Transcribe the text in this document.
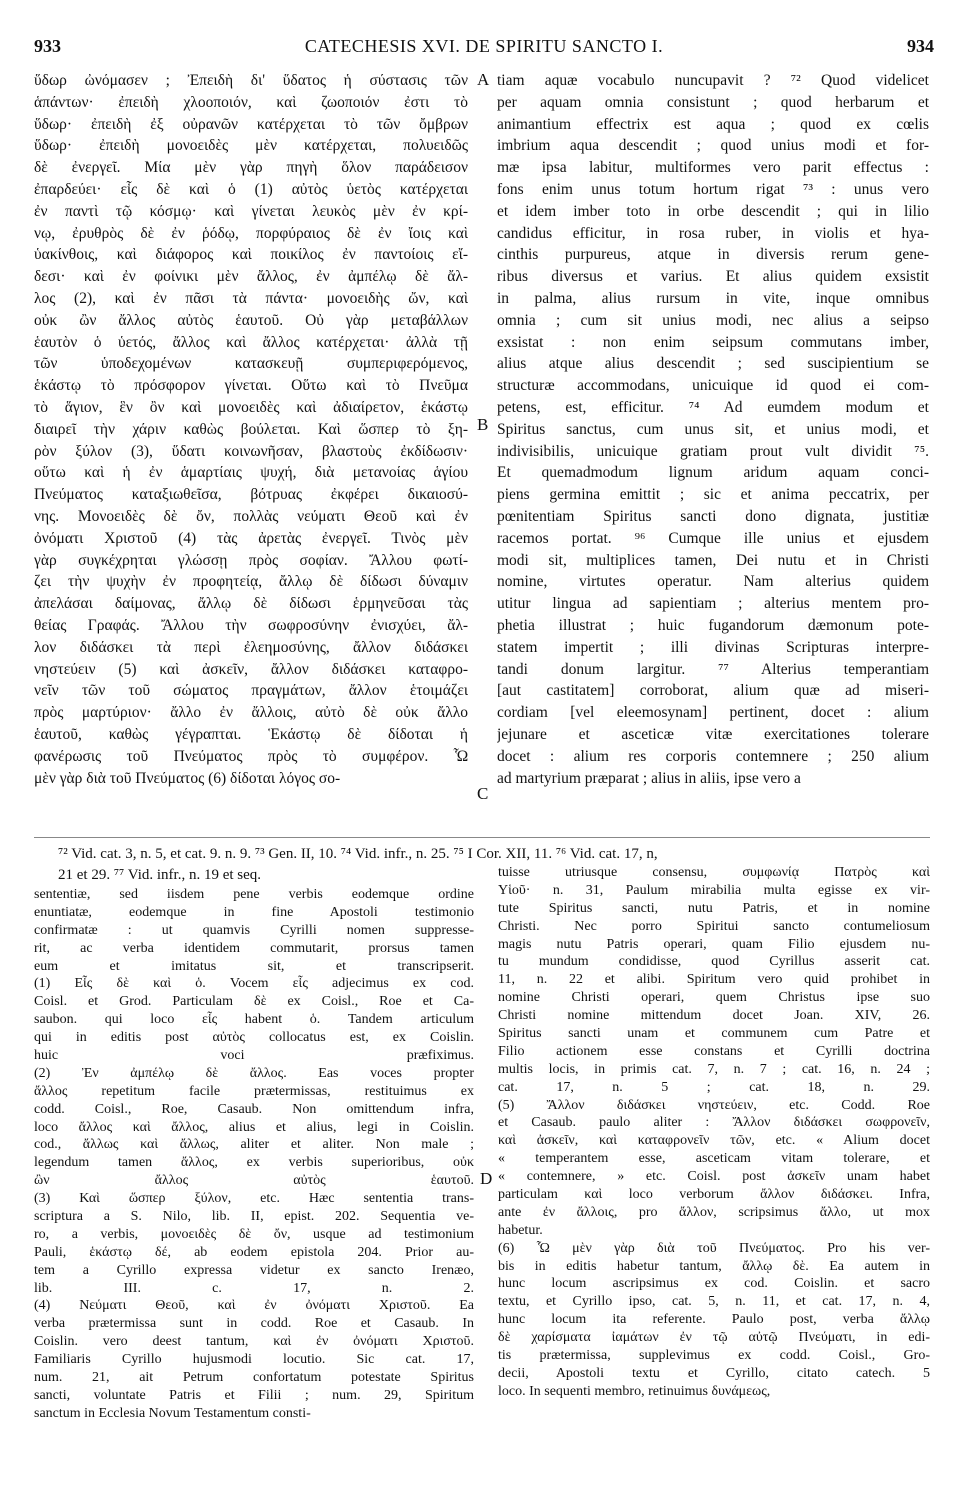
933	CATECHESIS XVI. DE SPIRITU SANCTO I.	934
ὕδωρ ὠνόμασεν ; Ἐπειδὴ δι' ὕδατος ἡ σύστασις τῶν
ἁπάντων· ἐπειδὴ χλοοποιόν, καὶ ζωοποιόν ἐστι τὸ
ὕδωρ· ἐπειδὴ ἐξ οὐρανῶν κατέρχεται τὸ τῶν ὄμβρων
ὕδωρ· ἐπειδὴ μονοειδὲς μὲν κατέρχεται, πολυειδῶς
δὲ ἐνεργεῖ. Μία μὲν γὰρ πηγὴ ὅλον παράδεισον
ἐπαρδεύει· εἷς δὲ καὶ ὁ (1) αὐτὸς ὑετὸς κατέρχεται
ἐν παντὶ τῷ κόσμῳ· καὶ γίνεται λευκὸς μὲν ἐν κρί-
νῳ, ἐρυθρὸς δὲ ἐν ῥόδῳ, πορφύραιος δὲ ἐν ἴοις καὶ
ὑακίνθοις, καὶ διάφορος καὶ ποικίλος ἐν παντοίοις εἴ-
δεσι· καὶ ἐν φοίνικι μὲν ἄλλος, ἐν ἀμπέλῳ δὲ ἄλ-
λος (2), καὶ ἐν πᾶσι τὰ πάντα· μονοειδὴς ὤν, καὶ
οὐκ ὢν ἄλλος αὐτὸς ἑαυτοῦ. Οὐ γὰρ μεταβάλλων
ἑαυτὸν ὁ ὑετός, ἄλλος καὶ ἄλλος κατέρχεται· ἀλλὰ τῇ
τῶν ὑποδεχομένων κατασκευῇ συμπεριφερόμενος,
ἑκάστῳ τὸ πρόσφορον γίνεται. Οὕτω καὶ τὸ Πνεῦμα
τὸ ἅγιον, ἓν ὂν καὶ μονοειδὲς καὶ ἀδιαίρετον, ἑκάστῳ
διαιρεῖ τὴν χάριν καθὼς βούλεται. Καὶ ὥσπερ τὸ ξη-
ρὸν ξύλον (3), ὕδατι κοινωνῆσαν, βλαστοὺς ἐκδίδωσιν·
οὕτω καὶ ἡ ἐν ἁμαρτίαις ψυχή, διὰ μετανοίας ἁγίου
Πνεύματος καταξιωθεῖσα, βότρυας ἐκφέρει δικαιοσύ-
νης. Μονοειδὲς δὲ ὄν, πολλὰς νεύματι Θεοῦ καὶ ἐν
ὀνόματι Χριστοῦ (4) τὰς ἀρετὰς ἐνεργεῖ. Τινὸς μὲν
γὰρ συγκέχρηται γλώσσῃ πρὸς σοφίαν. Ἄλλου φωτί-
ζει τὴν ψυχὴν ἐν προφητείᾳ, ἄλλῳ δὲ δίδωσι δύναμιν
ἀπελάσαι δαίμονας, ἄλλῳ δὲ δίδωσι ἑρμηνεῦσαι τὰς
θείας Γραφάς. Ἄλλου τὴν σωφροσύνην ἐνισχύει, ἄλ-
λον διδάσκει τὰ περὶ ἐλεημοσύνης, ἄλλον διδάσκει
νηστεύειν (5) καὶ ἀσκεῖν, ἄλλον διδάσκει καταφρο-
νεῖν τῶν τοῦ σώματος πραγμάτων, ἄλλον ἑτοιμάζει
πρὸς μαρτύριον· ἄλλο ἐν ἄλλοις, αὐτὸ δὲ οὐκ ἄλλο
ἑαυτοῦ, καθὼς γέγραπται. Ἑκάστῳ δὲ δίδοται ἡ
φανέρωσις τοῦ Πνεύματος πρὸς τὸ συμφέρον. Ὧ
μὲν γὰρ διὰ τοῦ Πνεύματος (6) δίδοται λόγος σο-
tiam aquæ vocabulo nuncupavit ? ⁷² Quod videlicet
per aquam omnia consistunt ; quod herbarum et
animantium effectrix est aqua ; quod ex cœlis
imbrium aqua descendit ; quod unius modi et for-
mæ ipsa labitur, multiformes vero parit effectus :
fons enim unus totum hortum rigat ⁷³ : unus vero
et idem imber toto in orbe descendit ; qui in lilio
candidus efficitur, in rosa ruber, in violis et hya-
cinthis purpureus, atque in diversis rerum gene-
ribus diversus et varius. Et alius quidem exsistit
in palma, alius rursum in vite, inque omnibus
omnia ; cum sit unius modi, nec alius a seipso
exsistat : non enim seipsum commutans imber,
alius atque alius descendit ; sed suscipientium se
structuræ accommodans, unicuique id quod ei com-
petens, est, efficitur. ⁷⁴ Ad eumdem modum et
Spiritus sanctus, cum unus sit, et unius modi, et
indivisibilis, unicuique gratiam prout vult dividit ⁷⁵.
Et quemadmodum lignum aridum aquam conci-
piens germina emittit ; sic et anima peccatrix, per
pœnitentiam Spiritus sancti dono dignata, justitiæ
racemos portat. ⁹⁶ Cumque ille unius et ejusdem
modi sit, multiplices tamen, Dei nutu et in Christi
nomine, virtutes operatur. Nam alterius quidem
utitur lingua ad sapientiam ; alterius mentem pro-
phetia illustrat ; huic fugandorum dæmonum pote-
statem impertit ; illi divinas Scripturas interpre-
tandi donum largitur. ⁷⁷ Alterius temperantiam
[aut castitatem] corroborat, alium quæ ad miseri-
cordiam [vel eleemosynam] pertinent, docet : alium
jejunare et asceticæ vitæ exercitationes tolerare
docet : alium res corporis contemnere ; 250 alium
ad martyrium præparat ; alius in aliis, ipse vero a
A
B
C
D
⁷² Vid. cat. 3, n. 5, et cat. 9. n. 9. ⁷³ Gen. II, 10. ⁷⁴ Vid. infr., n. 25. ⁷⁵ I Cor. XII, 11. ⁷⁶ Vid. cat. 17, n,
21 et 29. ⁷⁷ Vid. infr., n. 19 et seq.
sententiæ, sed iisdem pene verbis eodemque ordine
enuntiatæ, eodemque in fine Apostoli testimonio
confirmatæ : ut quamvis Cyrilli nomen suppresse-
rit, ac verba identidem commutarit, prorsus tamen
eum et imitatus sit, et transcripserit.
(1) Εἷς δὲ καὶ ὁ. Vocem εἷς adjecimus ex cod.
Coisl. et Grod. Particulam δὲ ex Coisl., Roe et Ca-
saubon. qui loco εἷς habent ὁ. Tandem articulum
qui in editis post αὐτὸς collocatus est, ex Coislin.
huic voci præfiximus.
(2) Ἐν ἀμπέλῳ δὲ ἄλλος. Eas voces propter
ἄλλος repetitum facile prætermissas, restituimus ex
codd. Coisl., Roe, Casaub. Non omittendum infra,
loco ἄλλος καὶ ἄλλος, alius et alius, legi in Coislin.
cod., ἄλλως καὶ ἄλλως, aliter et aliter. Non male ;
legendum tamen ἄλλος, ex verbis superioribus, οὐκ
ὢν ἄλλος αὐτὸς ἑαυτοῦ.
(3) Καὶ ὥσπερ ξύλον, etc. Hæc sententia trans-
scriptura a S. Nilo, lib. II, epist. 202. Sequentia ve-
ro, a verbis, μονοειδὲς δὲ ὄν, usque ad testimonium
Pauli, ἑκάστῳ δέ, ab eodem epistola 204. Prior au-
tem a Cyrillo expressa videtur ex sancto Irenæo,
lib. III. c. 17, n. 2.
(4) Νεύματι Θεοῦ, καὶ ἐν ὀνόματι Χριστοῦ. Ea
verba prætermissa sunt in codd. Roe et Casaub. In
Coislin. vero deest tantum, καὶ ἐν ὀνόματι Χριστοῦ.
Familiaris Cyrillo hujusmodi locutio. Sic cat. 17,
num. 21, ait Petrum confortatum potestate Spiritus
sancti, voluntate Patris et Filii ; num. 29, Spiritum
sanctum in Ecclesia Novum Testamentum consti-
tuisse utriusque consensu, συμφωνίᾳ Πατρὸς καὶ
Υἱοῦ· n. 31, Paulum mirabilia multa egisse ex vir-
tute Spiritus sancti, nutu Patris, et in nomine
Christi. Nec porro Spiritui sancto contumeliosum
magis nutu Patris operari, quam Filio ejusdem nu-
tu mundum condidisse, quod Cyrillus asserit cat.
11, n. 22 et alibi. Spiritum vero quid prohibet in
nomine Christi operari, quem Christus ipse suo
Christi nomine mittendum docet Joan. XIV, 26.
Spiritus sancti unam et communem cum Patre et
Filio actionem esse constans et Cyrilli doctrina
multis locis, in primis cat. 7, n. 7 ; cat. 16, n. 24 ;
cat. 17, n. 5 ; cat. 18, n. 29.
(5) Ἄλλον διδάσκει νηστεύειν, etc. Codd. Roe
et Casaub. paulo aliter : Ἄλλον διδάσκει σωφρονεῖν,
καὶ ἀσκεῖν, καὶ καταφρονεῖν τῶν, etc. « Alium docet
« temperantem esse, asceticam vitam tolerare, et
« contemnere, » etc. Coisl. post ἀσκεῖν unam habet
particulam καὶ loco verborum ἄλλον διδάσκει. Infra,
ante ἐν ἄλλοις, pro ἄλλον, scripsimus ἄλλο, ut mox
habetur.
(6) Ὧ μὲν γὰρ διὰ τοῦ Πνεύματος. Pro his ver-
bis in editis habetur tantum, ἄλλῳ δὲ. Ea autem in
hunc locum ascripsimus ex cod. Coislin. et sacro
textu, et Cyrillo ipso, cat. 5, n. 11, et cat. 17, n. 4,
hunc locum ita referente. Paulo post, verba ἄλλῳ
δὲ χαρίσματα ἰαμάτων ἐν τῷ αὐτῷ Πνεύματι, in edi-
tis prætermissa, supplevimus ex codd. Coisl., Gro-
decii, Apostoli textu et Cyrillo, citato catech. 5
loco. In sequenti membro, retinuimus δυνάμεως,
